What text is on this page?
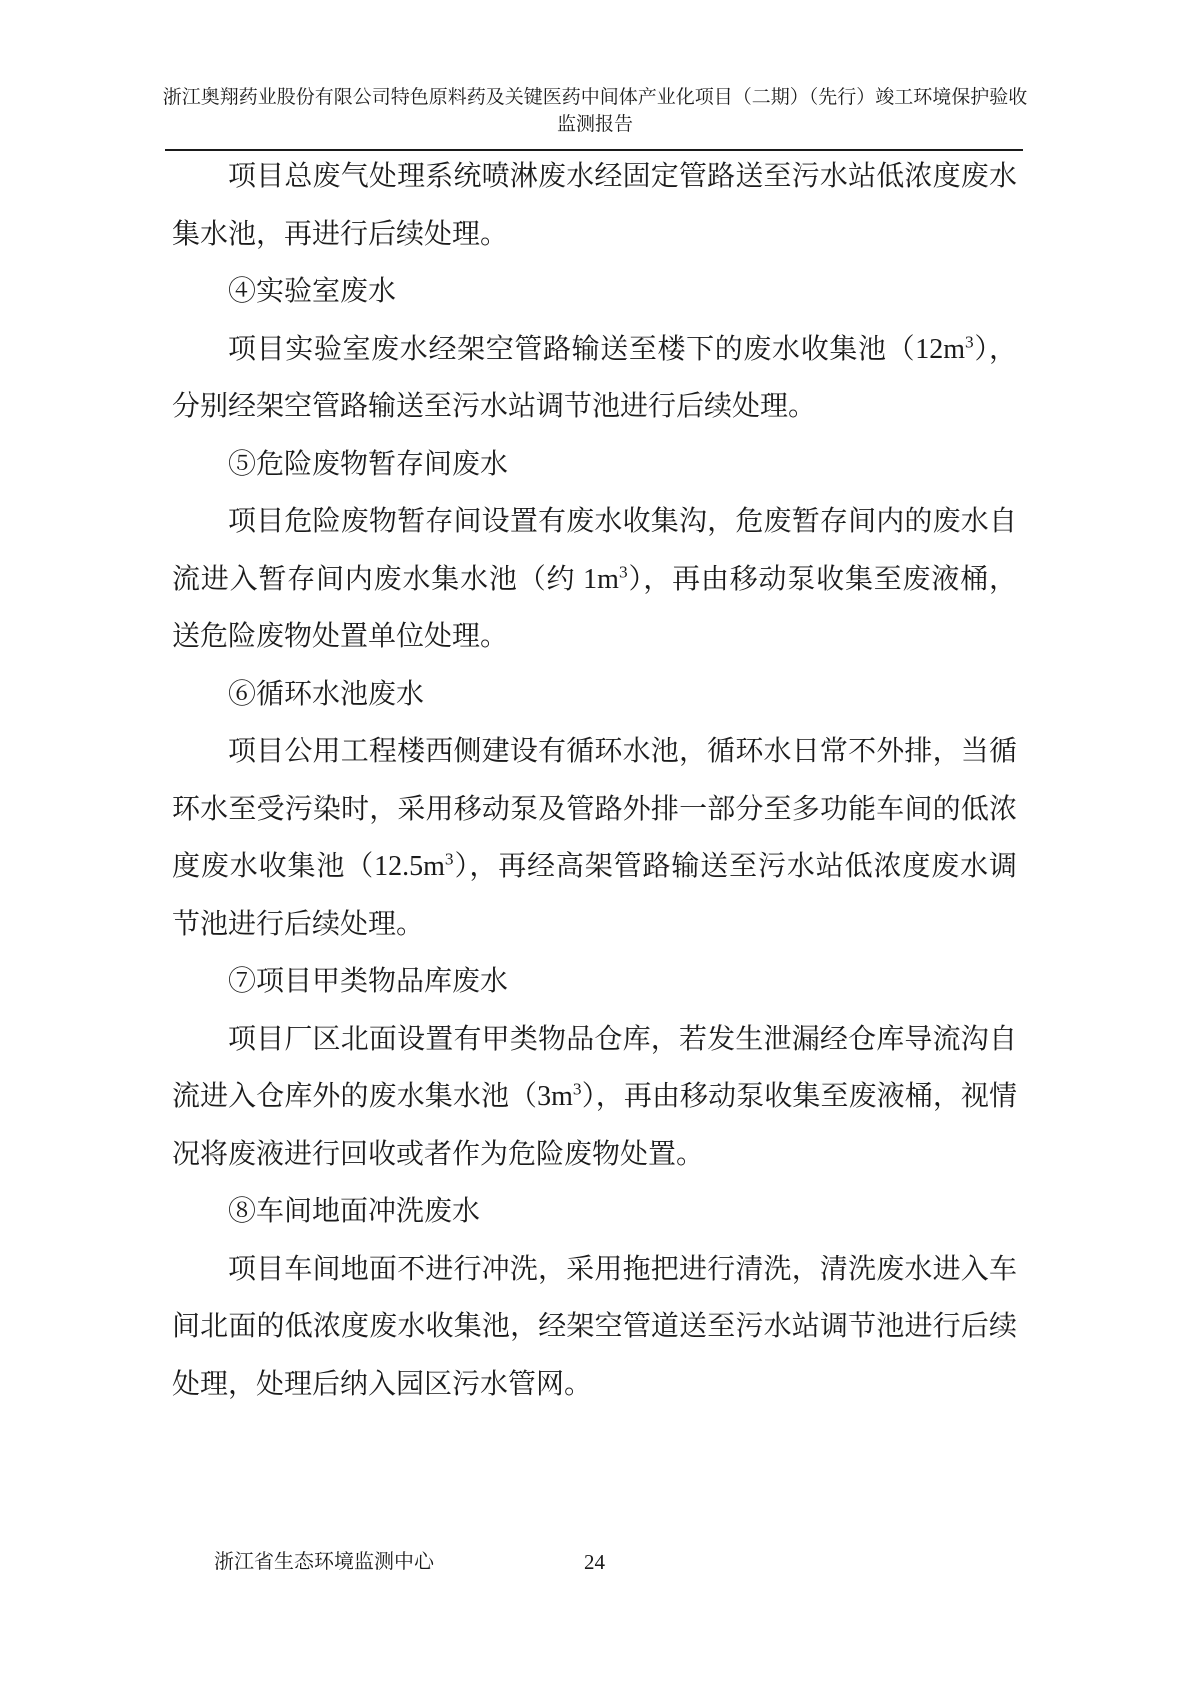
浙江奥翔药业股份有限公司特色原料药及关键医药中间体产业化项目（二期）（先行）竣工环境保护验收
监测报告

项目总废气处理系统喷淋废水经固定管路送至污水站低浓度废水集水池，再进行后续处理。

④实验室废水

项目实验室废水经架空管路输送至楼下的废水收集池$(12m^3)$，分别经架空管路输送至污水站调节池进行后续处理。

⑤危险废物暂存间废水

项目危险废物暂存间设置有废水收集沟，危废暂存间内的废水自流进入暂存间内废水集水池（约 $1m^3$），再由移动泵收集至废液桶，送危险废物处置单位处理。

⑥循环水池废水

项目公用工程楼西侧建设有循环水池，循环水日常不外排，当循环水至受污染时，采用移动泵及管路外排一部分至多功能车间的低浓度废水收集池$(12.5m^3)$，再经高架管路输送至污水站低浓度废水调节池进行后续处理。

⑦项目甲类物品库废水

项目厂区北面设置有甲类物品仓库，若发生泄漏经仓库导流沟自流进入仓库外的废水集水池$(3m^3)$，再由移动泵收集至废液桶，视情况将废液进行回收或者作为危险废物处置。

⑧车间地面冲洗废水

项目车间地面不进行冲洗，采用拖把进行清洗，清洗废水进入车间北面的低浓度废水收集池，经架空管道送至污水站调节池进行后续处理，处理后纳入园区污水管网。

浙江省生态环境监测中心	24
